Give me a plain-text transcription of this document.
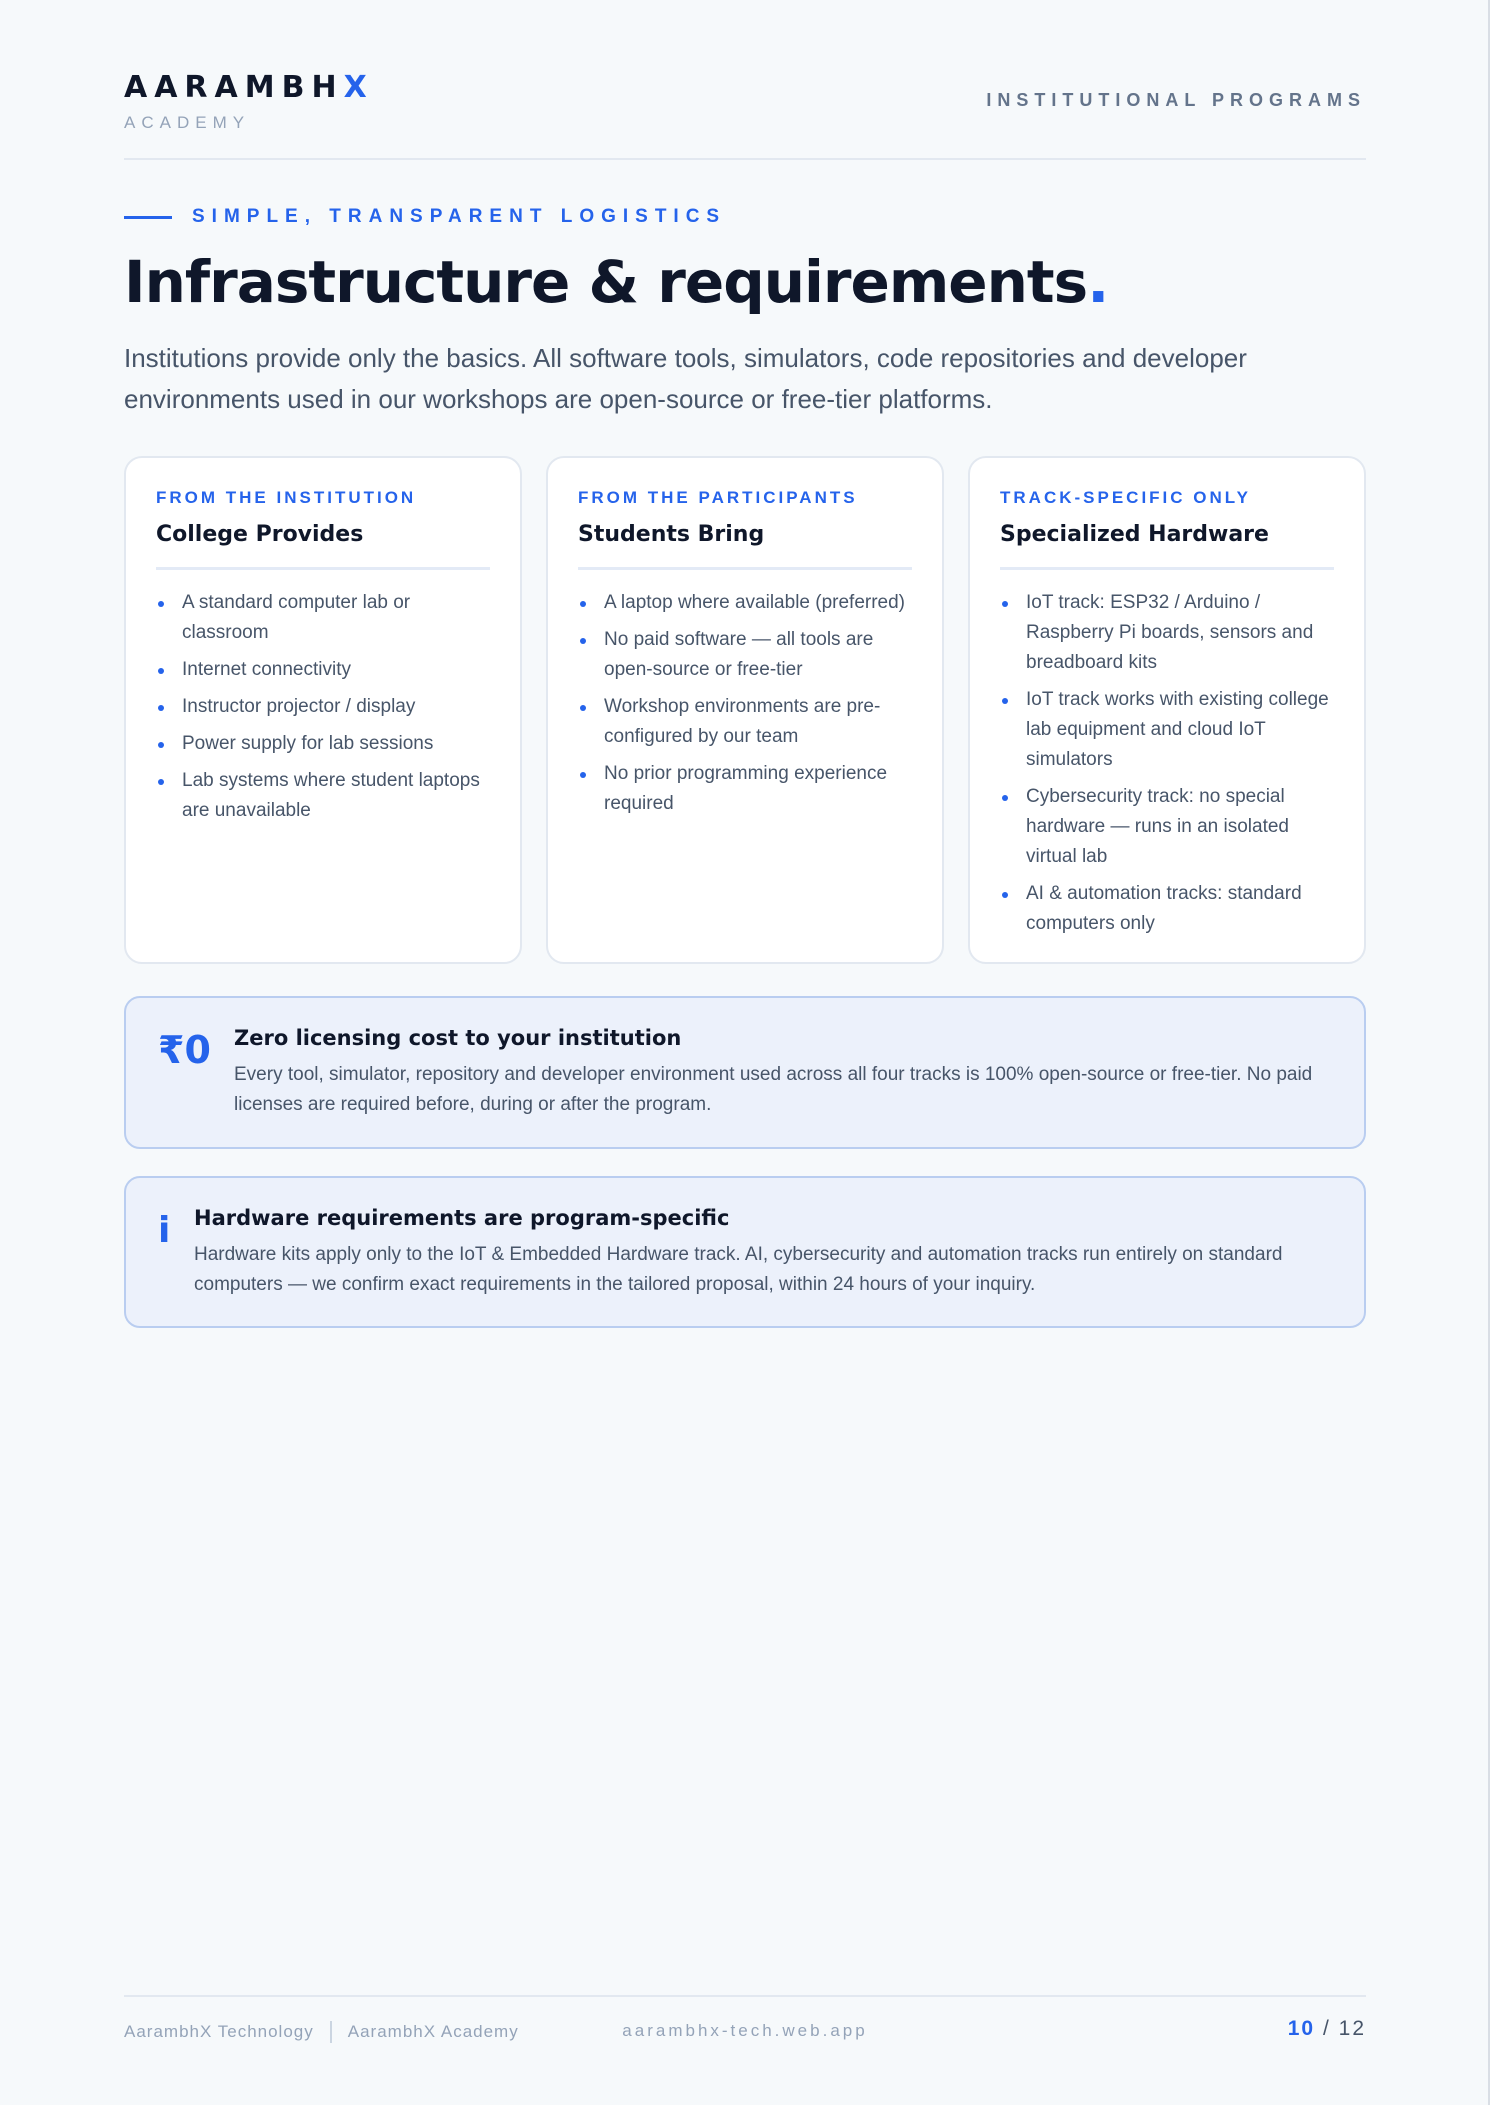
AARAMBHX
ACADEMY
INSTITUTIONAL PROGRAMS
SIMPLE, TRANSPARENT LOGISTICS
Infrastructure & requirements.

Institutions provide only the basics. All software tools, simulators, code repositories and developer environments used in our workshops are open-source or free-tier platforms.

FROM THE INSTITUTION
College Provides
A standard computer lab or classroom
Internet connectivity
Instructor projector / display
Power supply for lab sessions
Lab systems where student laptops are unavailable
FROM THE PARTICIPANTS
Students Bring
A laptop where available (preferred)
No paid software — all tools are open-source or free-tier
Workshop environments are pre-configured by our team
No prior programming experience required
TRACK-SPECIFIC ONLY
Specialized Hardware
IoT track: ESP32 / Arduino / Raspberry Pi boards, sensors and breadboard kits
IoT track works with existing college lab equipment and cloud IoT simulators
Cybersecurity track: no special hardware — runs in an isolated virtual lab
AI & automation tracks: standard computers only
₹0 Zero licensing cost to your institution
Every tool, simulator, repository and developer environment used across all four tracks is 100% open-source or free-tier. No paid licenses are required before, during or after the program.
i Hardware requirements are program-specific
Hardware kits apply only to the IoT & Embedded Hardware track. AI, cybersecurity and automation tracks run entirely on standard computers — we confirm exact requirements in the tailored proposal, within 24 hours of your inquiry.
AarambhX Technology AarambhX Academy	aarambhx-tech.web.app	10 / 12
